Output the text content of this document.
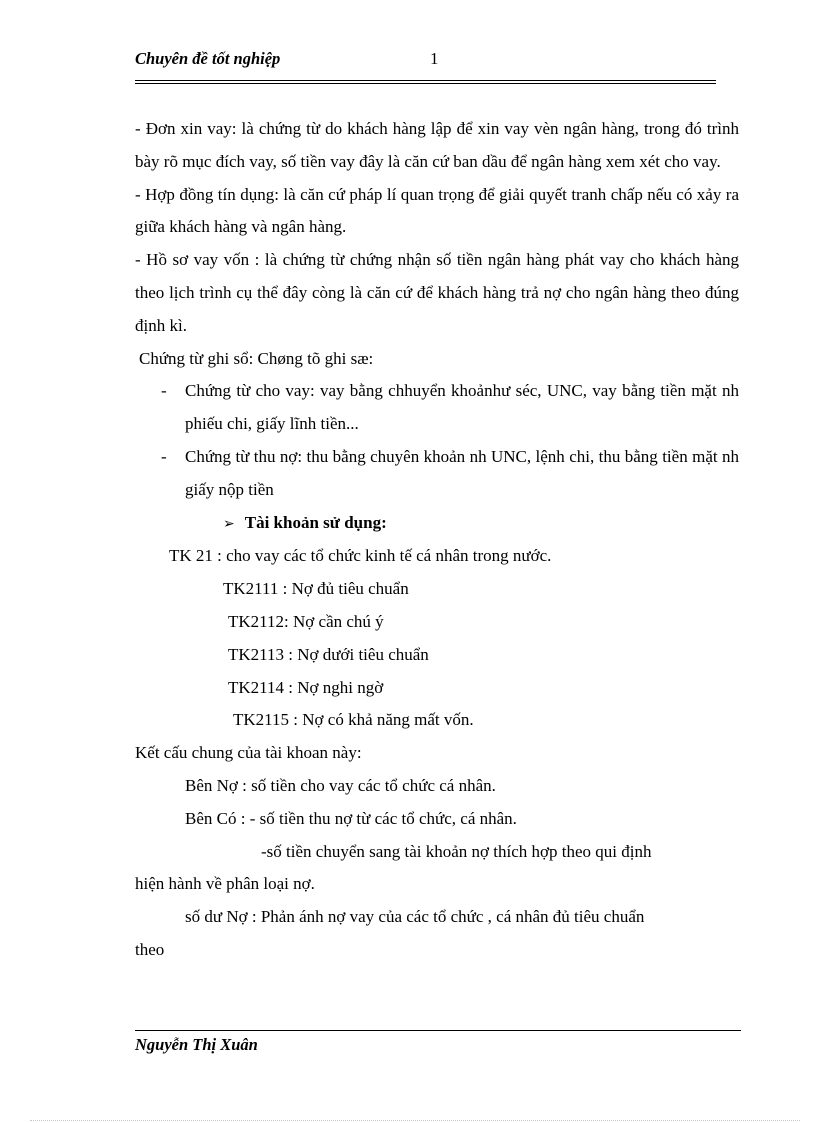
Chuyên đề tốt nghiệp	1

- Đơn xin vay: là chứng từ do khách hàng lập để xin vay vèn ngân hàng, trong đó trình bày rõ mục đích vay, số tiền vay đây là căn cứ ban dầu để ngân hàng xem xét cho vay.

- Hợp đồng tín dụng: là căn cứ pháp lí quan trọng để giải quyết tranh chấp nếu có xảy ra giữa khách hàng và ngân hàng.

- Hồ sơ vay vốn : là chứng từ chứng nhận số tiền ngân hàng phát vay cho khách hàng theo lịch trình cụ thể đây còng là căn cứ để khách hàng trả nợ cho ngân hàng theo đúng định kì.

Chứng từ ghi sổ: Chøng tõ ghi sæ:

-	Chứng từ cho vay: vay bằng chhuyển khoảnhư séc, UNC, vay bằng tiền mặt nh phiếu chi, giấy lĩnh tiền...
-	Chứng từ thu nợ: thu bằng chuyên khoản nh UNC, lệnh chi, thu bằng tiền mặt nh giấy nộp tiền

➢ Tài khoản sử dụng:

TK 21 : cho vay các tổ chức kinh tế cá nhân trong nước.

TK2111 : Nợ đủ tiêu chuẩn

TK2112: Nợ cần chú ý

TK2113 : Nợ dưới tiêu chuẩn

TK2114 : Nợ nghi ngờ

TK2115 : Nợ có khả năng mất vốn.

Kết cấu chung của tài khoan này:

Bên Nợ : số tiền cho vay các tổ chức cá nhân.

Bên Có : - số tiền thu nợ từ các tổ chức, cá nhân.

-số tiền chuyển sang tài khoản nợ thích hợp theo qui định

hiện hành về phân loại nợ.

số dư Nợ : Phản ánh nợ vay của các tổ chức , cá nhân đủ tiêu chuẩn

theo

Nguyễn Thị Xuân
